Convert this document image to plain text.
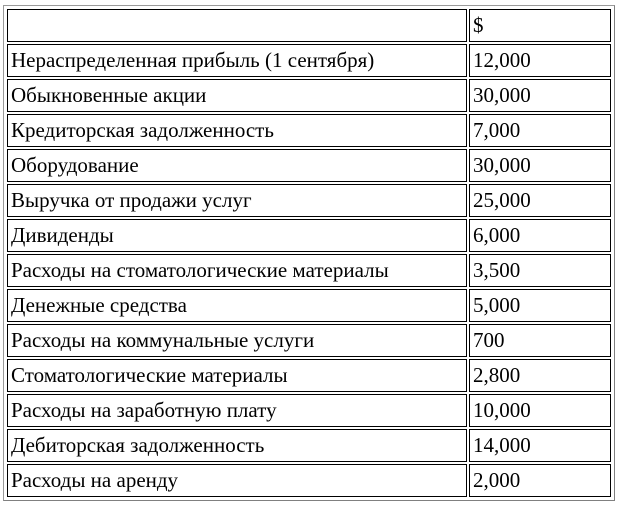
	$
Нераспределенная прибыль (1 сентября)	12,000
Обыкновенные акции	30,000
Кредиторская задолженность	7,000
Оборудование	30,000
Выручка от продажи услуг	25,000
Дивиденды	6,000
Расходы на стоматологические материалы	3,500
Денежные средства	5,000
Расходы на коммунальные услуги	700
Стоматологические материалы	2,800
Расходы на заработную плату	10,000
Дебиторская задолженность	14,000
Расходы на аренду	2,000
